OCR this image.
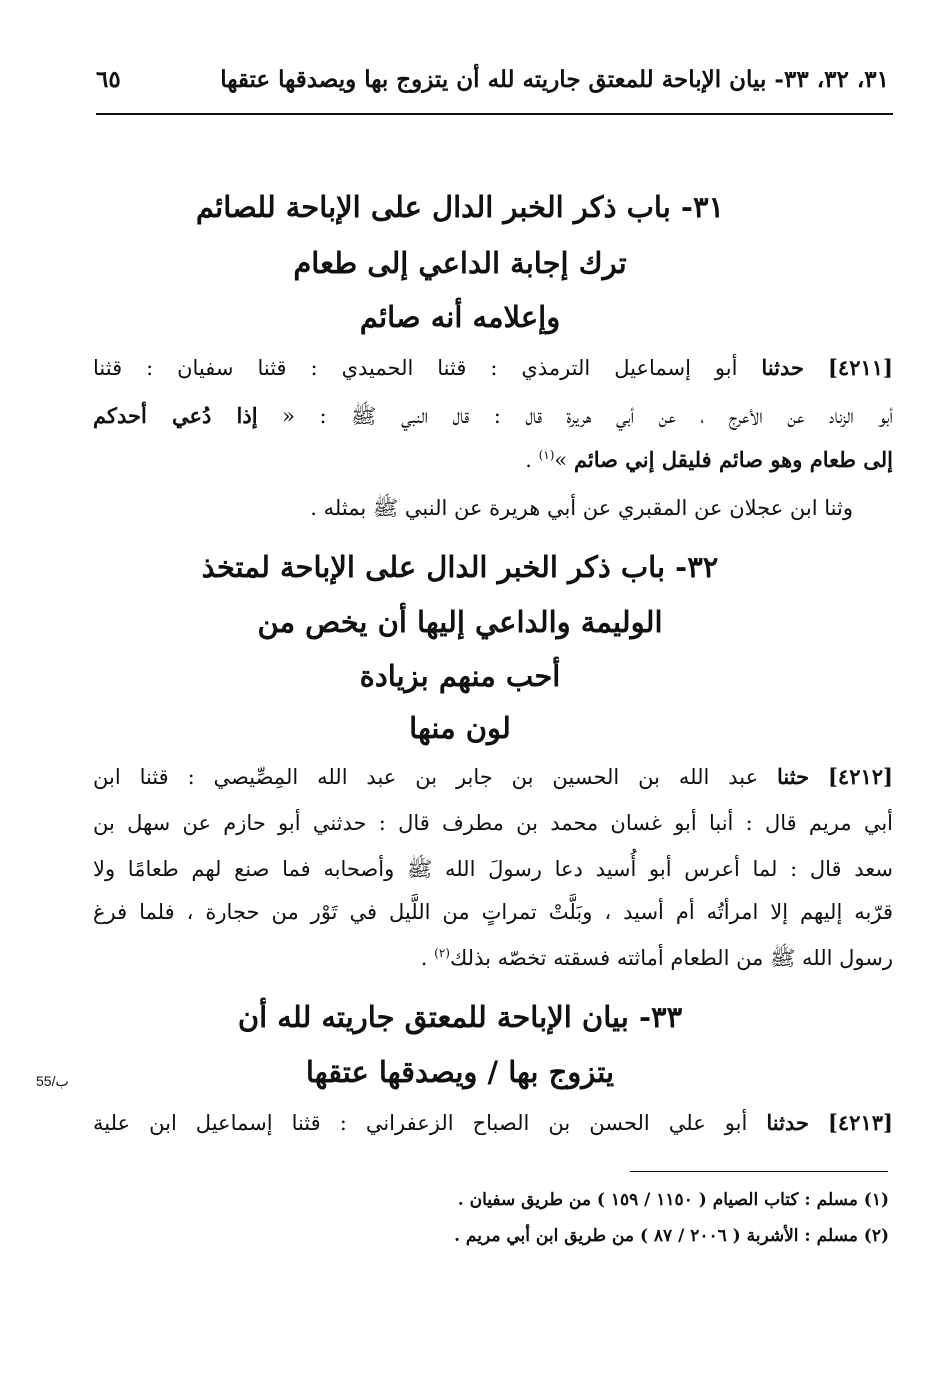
٣١، ٣٢، ٣٣- بيان الإباحة للمعتق جاريته لله أن يتزوج بها ويصدقها عتقها
٦٥
٣١- باب ذكر الخبر الدال على الإباحة للصائم
ترك إجابة الداعي إلى طعام
وإعلامه أنه صائم
[٤٢١١] حدثنا أبو إسماعيل الترمذي : قثنا الحميدي : قثنا سفيان : قثنا
أبو الزناد عن الأعرج ، عن أبي هريرة قال : قال النبي ﷺ : « إذا دُعي أحدكم
إلى طعام وهو صائم فليقل إني صائم »$^{(١)}$ .
وثنا ابن عجلان عن المقبري عن أبي هريرة عن النبي ﷺ بمثله .
٣٢- باب ذكر الخبر الدال على الإباحة لمتخذ
الوليمة والداعي إليها أن يخص من
أحب منهم بزيادة
لون منها
[٤٢١٢] حثنا عبد الله بن الحسين بن جابر بن عبد الله المِصِّيصي : قثنا ابن
أبي مريم قال : أنبا أبو غسان محمد بن مطرف قال : حدثني أبو حازم عن سهل بن
سعد قال : لما أعرس أبو أُسيد دعا رسولَ الله ﷺ وأصحابه فما صنع لهم طعامًا ولا
قرّبه إليهم إلا امرأتُه أم أسيد ، وبَلَّتْ تمراتٍ من اللَّيل في تَوْر من حجارة ، فلما فرغ
رسول الله ﷺ من الطعام أماثته فسقته تخصّه بذلك$^{(٢)}$ .
٣٣- بيان الإباحة للمعتق جاريته لله أن
يتزوج بها / ويصدقها عتقها
55/ب
[٤٢١٣] حدثنا أبو علي الحسن بن الصباح الزعفراني : قثنا إسماعيل ابن علية
(١) مسلم : كتاب الصيام ( ١١٥٠ / ١٥٩ ) من طريق سفيان .
(٢) مسلم : الأشربة ( ٢٠٠٦ / ٨٧ ) من طريق ابن أبي مريم .
